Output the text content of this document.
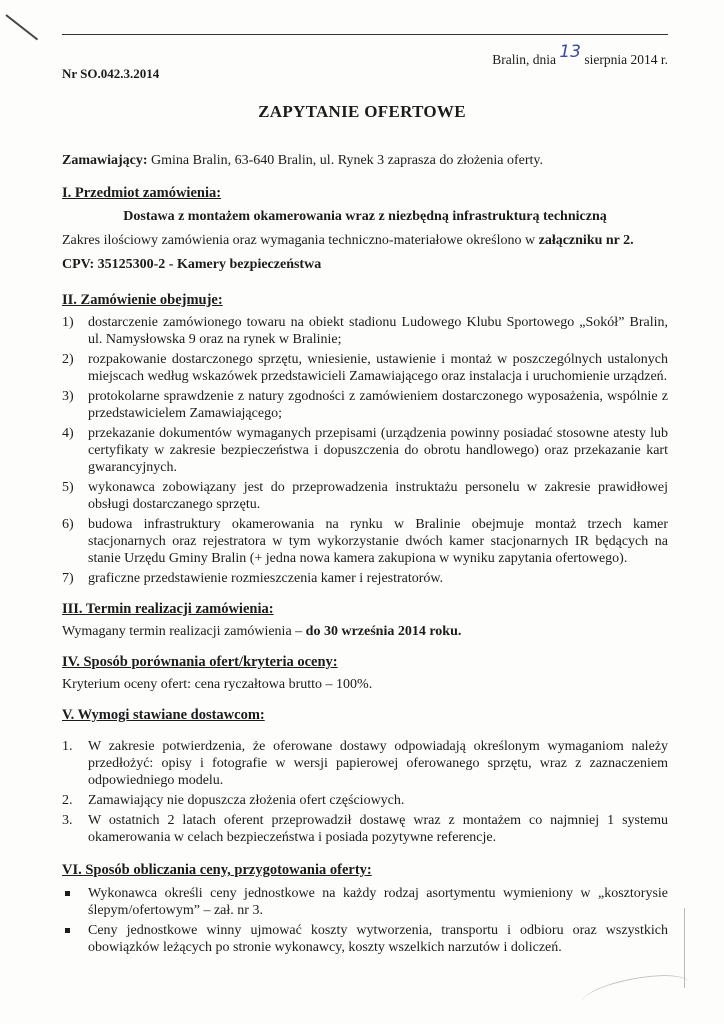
Bralin, dnia 13 sierpnia 2014 r.
Nr SO.042.3.2014
ZAPYTANIE OFERTOWE

Zamawiający: Gmina Bralin, 63-640 Bralin, ul. Rynek 3 zaprasza do złożenia oferty.

I. Przedmiot zamówienia:

Dostawa z montażem okamerowania wraz z niezbędną infrastrukturą techniczną

Zakres ilościowy zamówienia oraz wymagania techniczno-materiałowe określono w załączniku nr 2.

CPV: 35125300-2 - Kamery bezpieczeństwa

II. Zamówienie obejmuje:

1) dostarczenie zamówionego towaru na obiekt stadionu Ludowego Klubu Sportowego „Sokół” Bralin, ul. Namysłowska 9 oraz na rynek w Bralinie;
2) rozpakowanie dostarczonego sprzętu, wniesienie, ustawienie i montaż w poszczególnych ustalonych miejscach według wskazówek przedstawicieli Zamawiającego oraz instalacja i uruchomienie urządzeń.
3) protokolarne sprawdzenie z natury zgodności z zamówieniem dostarczonego wyposażenia, wspólnie z przedstawicielem Zamawiającego;
4) przekazanie dokumentów wymaganych przepisami (urządzenia powinny posiadać stosowne atesty lub certyfikaty w zakresie bezpieczeństwa i dopuszczenia do obrotu handlowego) oraz przekazanie kart gwarancyjnych.
5) wykonawca zobowiązany jest do przeprowadzenia instruktażu personelu w zakresie prawidłowej obsługi dostarczanego sprzętu.
6) budowa infrastruktury okamerowania na rynku w Bralinie obejmuje montaż trzech kamer stacjonarnych oraz rejestratora w tym wykorzystanie dwóch kamer stacjonarnych IR będących na stanie Urzędu Gminy Bralin (+ jedna nowa kamera zakupiona w wyniku zapytania ofertowego).
7) graficzne przedstawienie rozmieszczenia kamer i rejestratorów.

III. Termin realizacji zamówienia:

Wymagany termin realizacji zamówienia – do 30 września 2014 roku.

IV. Sposób porównania ofert/kryteria oceny:

Kryterium oceny ofert: cena ryczałtowa brutto – 100%.

V. Wymogi stawiane dostawcom:

1. W zakresie potwierdzenia, że oferowane dostawy odpowiadają określonym wymaganiom należy przedłożyć: opisy i fotografie w wersji papierowej oferowanego sprzętu, wraz z zaznaczeniem odpowiedniego modelu.
2. Zamawiający nie dopuszcza złożenia ofert częściowych.
3. W ostatnich 2 latach oferent przeprowadził dostawę wraz z montażem co najmniej 1 systemu okamerowania w celach bezpieczeństwa i posiada pozytywne referencje.

VI. Sposób obliczania ceny, przygotowania oferty:

Wykonawca określi ceny jednostkowe na każdy rodzaj asortymentu wymieniony w „kosztorysie ślepym/ofertowym” – zał. nr 3.
Ceny jednostkowe winny ujmować koszty wytworzenia, transportu i odbioru oraz wszystkich obowiązków leżących po stronie wykonawcy, koszty wszelkich narzutów i doliczeń.
